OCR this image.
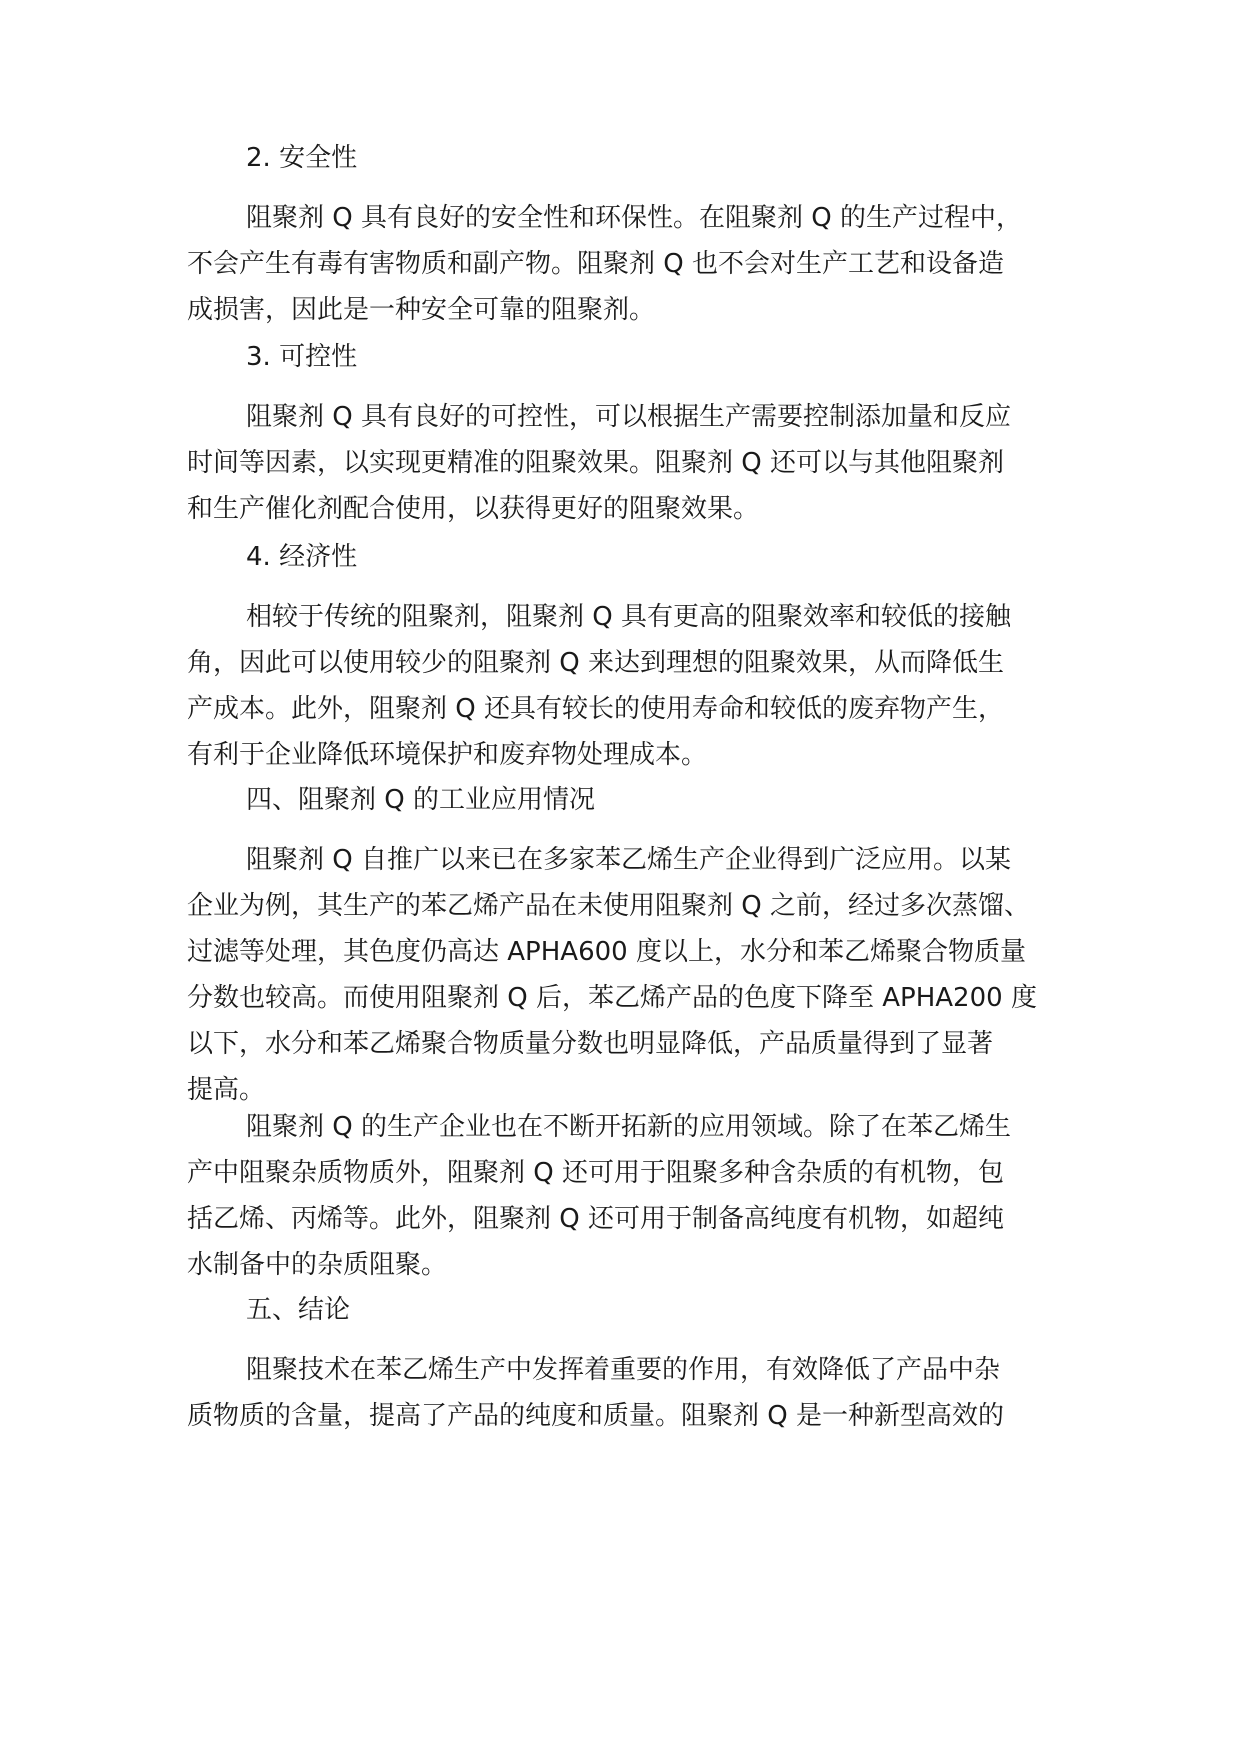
2. 安全性

阻聚剂 Q 具有良好的安全性和环保性。在阻聚剂 Q 的生产过程中，
不会产生有毒有害物质和副产物。阻聚剂 Q 也不会对生产工艺和设备造
成损害，因此是一种安全可靠的阻聚剂。

3. 可控性

阻聚剂 Q 具有良好的可控性，可以根据生产需要控制添加量和反应
时间等因素，以实现更精准的阻聚效果。阻聚剂 Q 还可以与其他阻聚剂
和生产催化剂配合使用，以获得更好的阻聚效果。

4. 经济性

相较于传统的阻聚剂，阻聚剂 Q 具有更高的阻聚效率和较低的接触
角，因此可以使用较少的阻聚剂 Q 来达到理想的阻聚效果，从而降低生
产成本。此外，阻聚剂 Q 还具有较长的使用寿命和较低的废弃物产生，
有利于企业降低环境保护和废弃物处理成本。

四、阻聚剂 Q 的工业应用情况

阻聚剂 Q 自推广以来已在多家苯乙烯生产企业得到广泛应用。以某
企业为例，其生产的苯乙烯产品在未使用阻聚剂 Q 之前，经过多次蒸馏、
过滤等处理，其色度仍高达 APHA600 度以上，水分和苯乙烯聚合物质量
分数也较高。而使用阻聚剂 Q 后，苯乙烯产品的色度下降至 APHA200 度
以下，水分和苯乙烯聚合物质量分数也明显降低，产品质量得到了显著
提高。

阻聚剂 Q 的生产企业也在不断开拓新的应用领域。除了在苯乙烯生
产中阻聚杂质物质外，阻聚剂 Q 还可用于阻聚多种含杂质的有机物，包
括乙烯、丙烯等。此外，阻聚剂 Q 还可用于制备高纯度有机物，如超纯
水制备中的杂质阻聚。

五、结论

阻聚技术在苯乙烯生产中发挥着重要的作用，有效降低了产品中杂
质物质的含量，提高了产品的纯度和质量。阻聚剂 Q 是一种新型高效的
